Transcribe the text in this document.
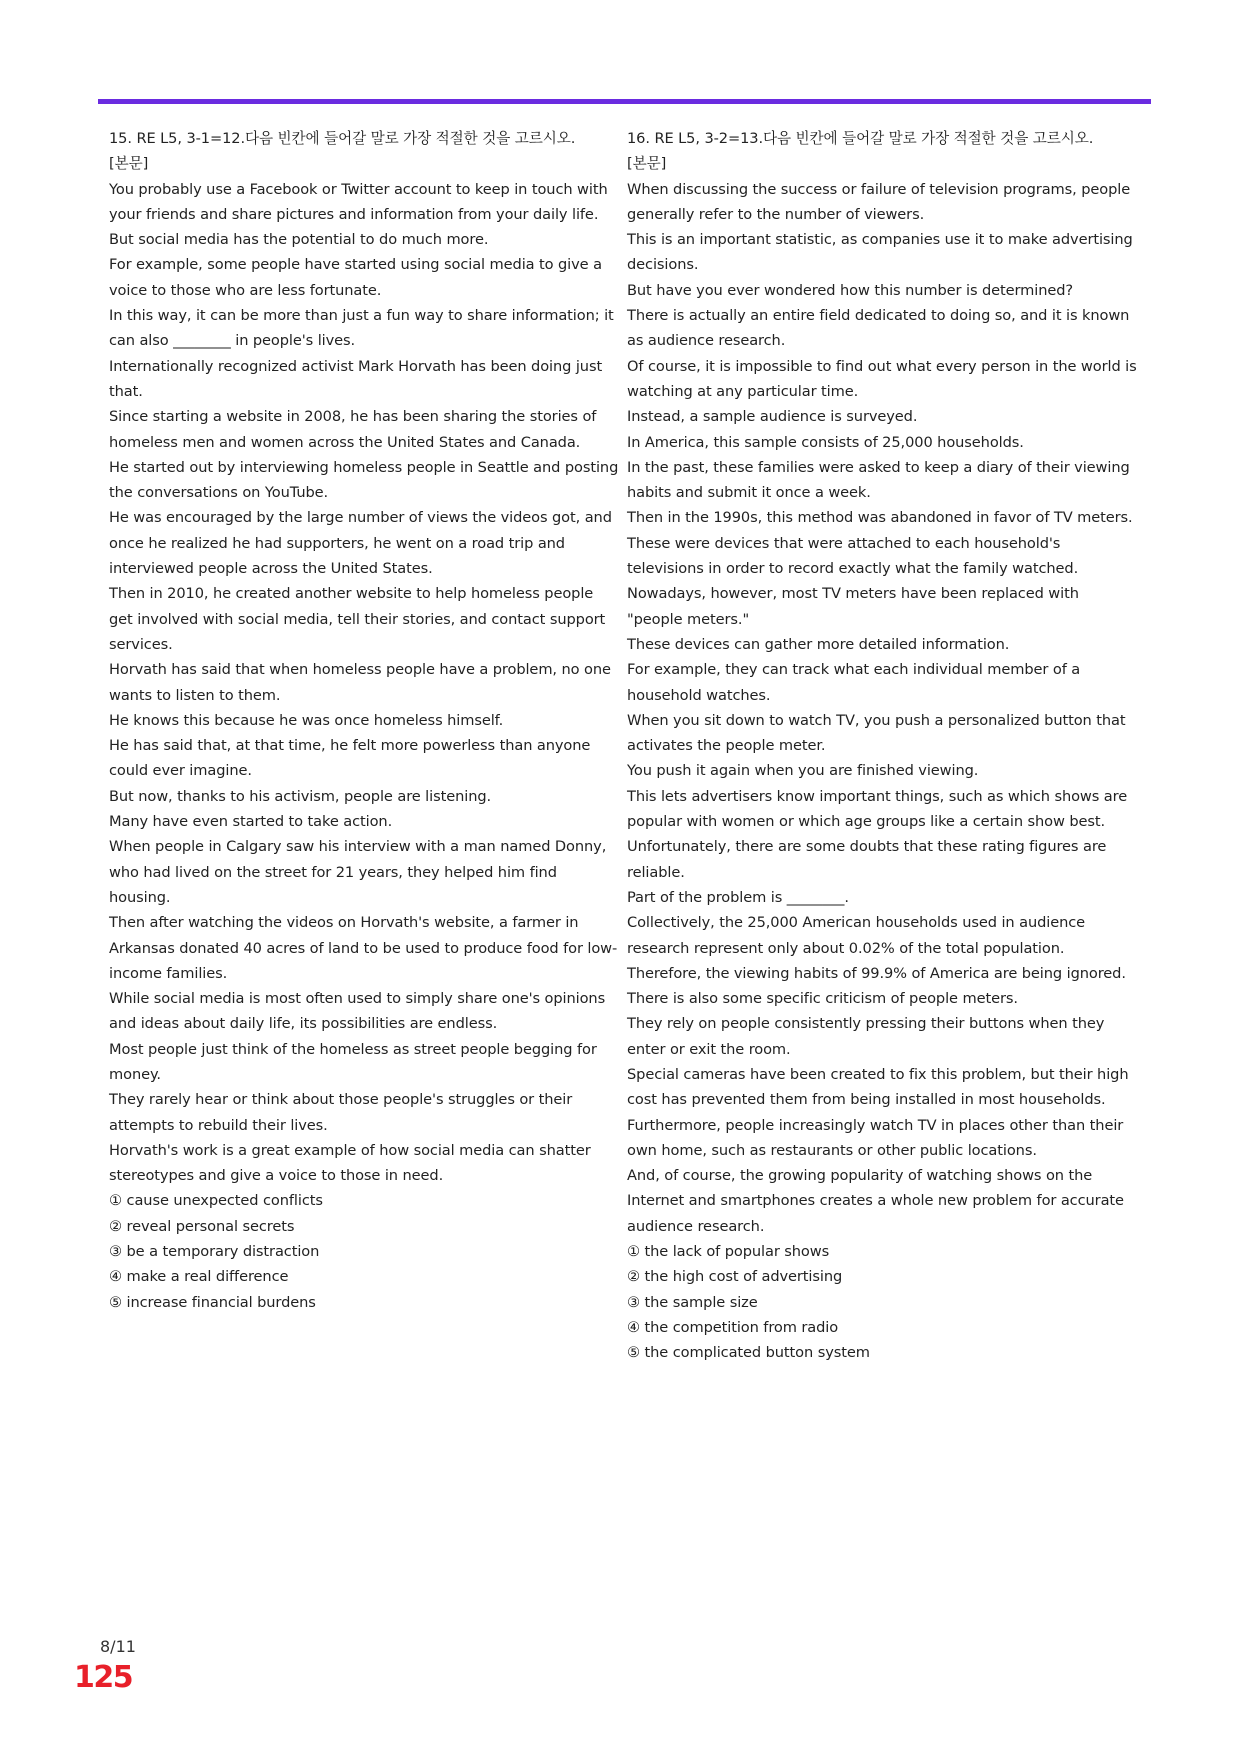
15. RE L5, 3-1=12.다음 빈칸에 들어갈 말로 가장 적절한 것을 고르시오.

[본문]

You probably use a Facebook or Twitter account to keep in touch with your friends and share pictures and information from your daily life.

But social media has the potential to do much more.

For example, some people have started using social media to give a voice to those who are less fortunate.

In this way, it can be more than just a fun way to share information; it can also ________ in people's lives.

Internationally recognized activist Mark Horvath has been doing just that.

Since starting a website in 2008, he has been sharing the stories of homeless men and women across the United States and Canada.

He started out by interviewing homeless people in Seattle and posting the conversations on YouTube.

He was encouraged by the large number of views the videos got, and once he realized he had supporters, he went on a road trip and interviewed people across the United States.

Then in 2010, he created another website to help homeless people get involved with social media, tell their stories, and contact support services.

Horvath has said that when homeless people have a problem, no one wants to listen to them.

He knows this because he was once homeless himself.

He has said that, at that time, he felt more powerless than anyone could ever imagine.

But now, thanks to his activism, people are listening.

Many have even started to take action.

When people in Calgary saw his interview with a man named Donny, who had lived on the street for 21 years, they helped him find housing.

Then after watching the videos on Horvath's website, a farmer in Arkansas donated 40 acres of land to be used to produce food for low-income families.

While social media is most often used to simply share one's opinions and ideas about daily life, its possibilities are endless.

Most people just think of the homeless as street people begging for money.

They rarely hear or think about those people's struggles or their attempts to rebuild their lives.

Horvath's work is a great example of how social media can shatter stereotypes and give a voice to those in need.

① cause unexpected conflicts

② reveal personal secrets

③ be a temporary distraction

④ make a real difference

⑤ increase financial burdens

16. RE L5, 3-2=13.다음 빈칸에 들어갈 말로 가장 적절한 것을 고르시오.

[본문]

When discussing the success or failure of television programs, people generally refer to the number of viewers.

This is an important statistic, as companies use it to make advertising decisions.

But have you ever wondered how this number is determined?

There is actually an entire field dedicated to doing so, and it is known as audience research.

Of course, it is impossible to find out what every person in the world is watching at any particular time.

Instead, a sample audience is surveyed.

In America, this sample consists of 25,000 households.

In the past, these families were asked to keep a diary of their viewing habits and submit it once a week.

Then in the 1990s, this method was abandoned in favor of TV meters.

These were devices that were attached to each household's televisions in order to record exactly what the family watched.

Nowadays, however, most TV meters have been replaced with "people meters."

These devices can gather more detailed information.

For example, they can track what each individual member of a household watches.

When you sit down to watch TV, you push a personalized button that activates the people meter.

You push it again when you are finished viewing.

This lets advertisers know important things, such as which shows are popular with women or which age groups like a certain show best.

Unfortunately, there are some doubts that these rating figures are reliable.

Part of the problem is ________.

Collectively, the 25,000 American households used in audience research represent only about 0.02% of the total population.

Therefore, the viewing habits of 99.9% of America are being ignored.

There is also some specific criticism of people meters.

They rely on people consistently pressing their buttons when they enter or exit the room.

Special cameras have been created to fix this problem, but their high cost has prevented them from being installed in most households.

Furthermore, people increasingly watch TV in places other than their own home, such as restaurants or other public locations.

And, of course, the growing popularity of watching shows on the Internet and smartphones creates a whole new problem for accurate audience research.

① the lack of popular shows

② the high cost of advertising

③ the sample size

④ the competition from radio

⑤ the complicated button system

8/11
125
